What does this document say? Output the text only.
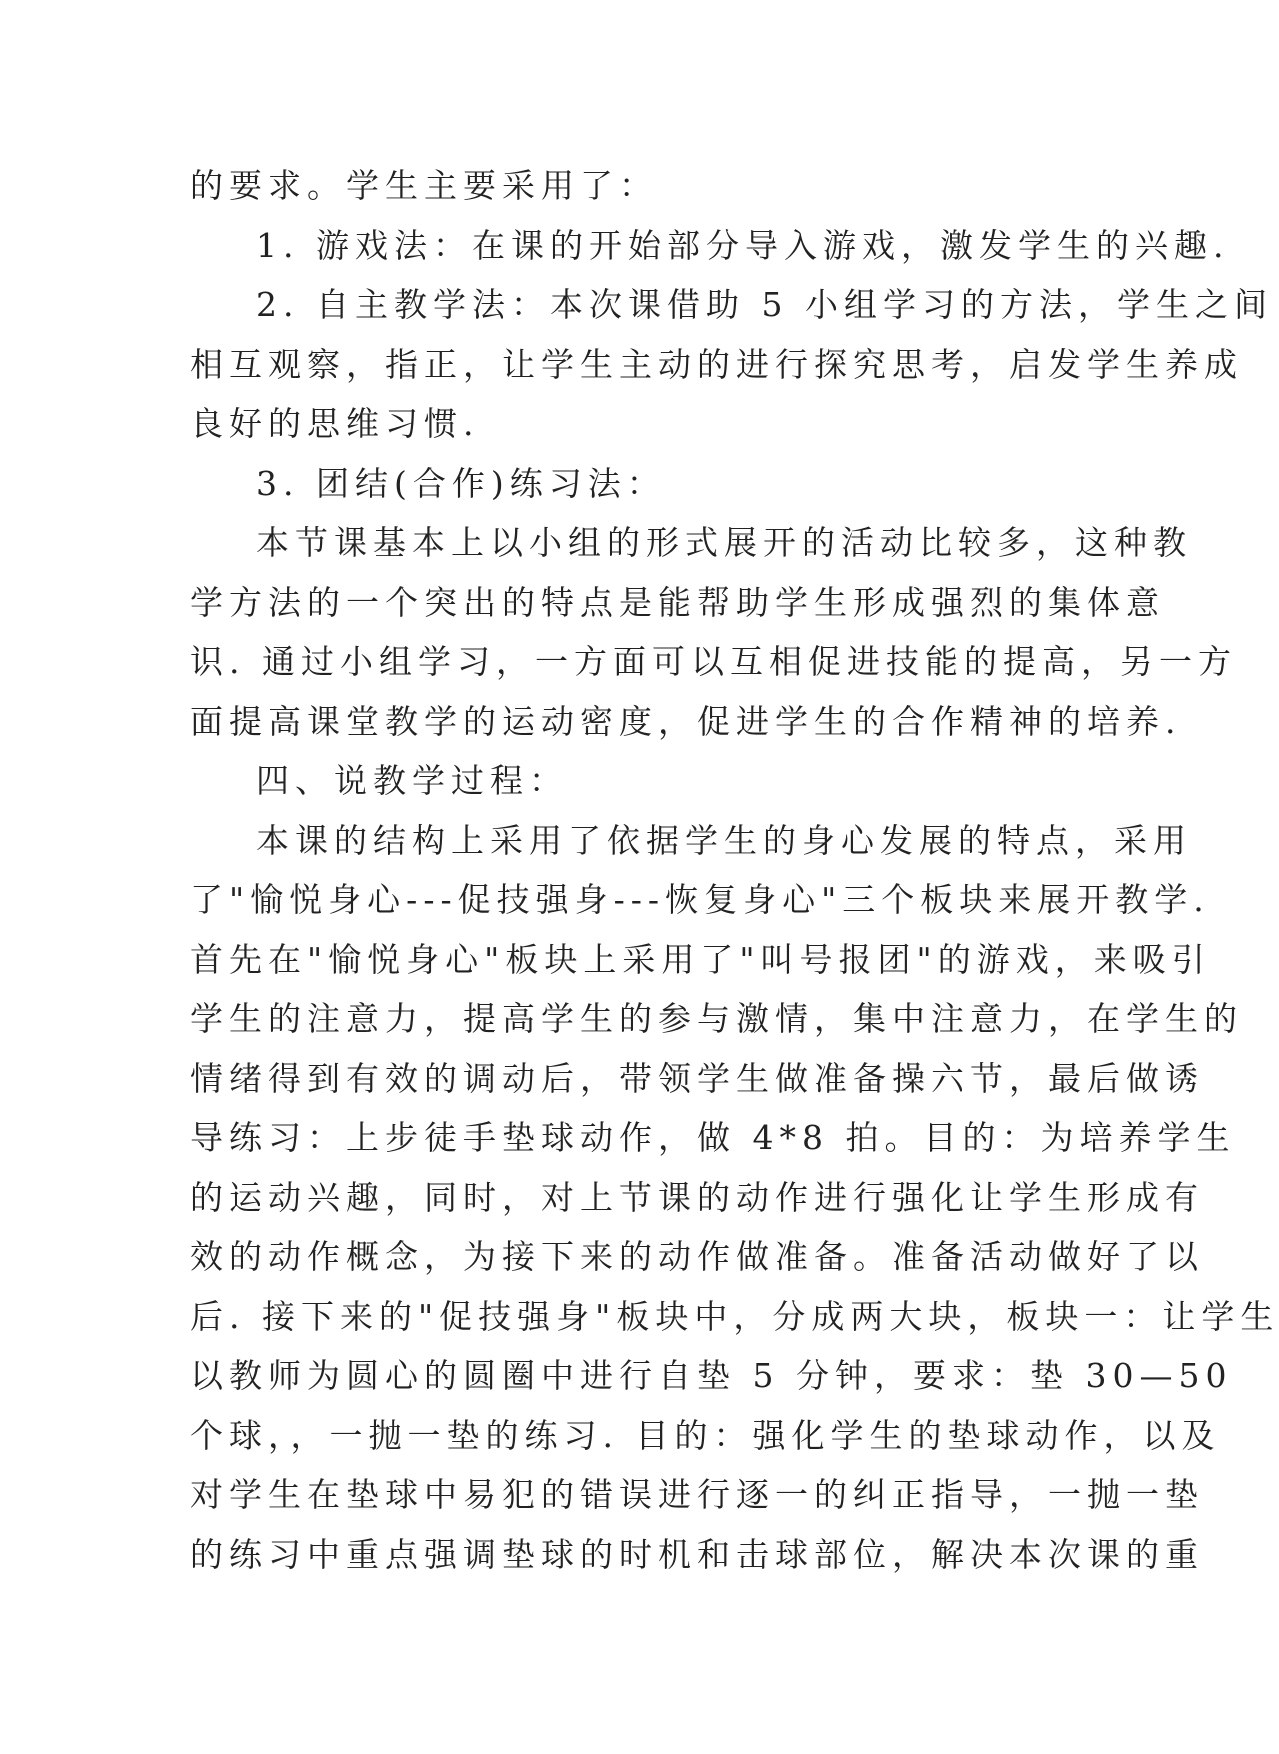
的要求。学生主要采用了：
1. 游戏法：在课的开始部分导入游戏，激发学生的兴趣.
2. 自主教学法：本次课借助 5 小组学习的方法，学生之间
相互观察，指正，让学生主动的进行探究思考，启发学生养成
良好的思维习惯.
3. 团结(合作)练习法：
本节课基本上以小组的形式展开的活动比较多，这种教
学方法的一个突出的特点是能帮助学生形成强烈的集体意
识. 通过小组学习，一方面可以互相促进技能的提高，另一方
面提高课堂教学的运动密度，促进学生的合作精神的培养.
四、说教学过程：
本课的结构上采用了依据学生的身心发展的特点，采用
了"愉悦身心---促技强身---恢复身心"三个板块来展开教学.
首先在"愉悦身心"板块上采用了"叫号报团"的游戏，来吸引
学生的注意力，提高学生的参与激情，集中注意力，在学生的
情绪得到有效的调动后，带领学生做准备操六节，最后做诱
导练习：上步徒手垫球动作，做 4*8 拍。目的：为培养学生
的运动兴趣，同时，对上节课的动作进行强化让学生形成有
效的动作概念，为接下来的动作做准备。准备活动做好了以
后. 接下来的"促技强身"板块中，分成两大块，板块一：让学生
以教师为圆心的圆圈中进行自垫 5 分钟，要求：垫 30—50
个球，，一抛一垫的练习. 目的：强化学生的垫球动作，以及
对学生在垫球中易犯的错误进行逐一的纠正指导，一抛一垫
的练习中重点强调垫球的时机和击球部位，解决本次课的重
